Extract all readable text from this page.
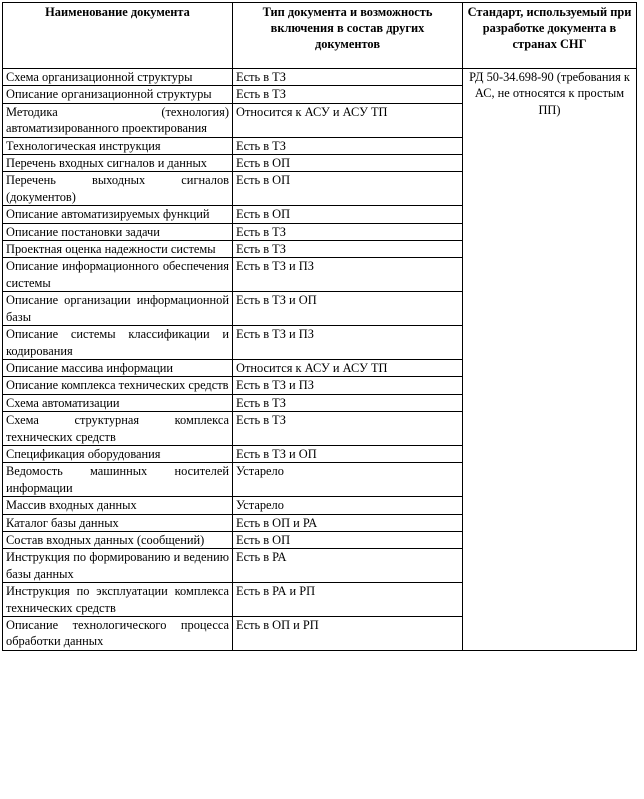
Наименование документа	Тип документа и возможность включения в состав других документов	Стандарт, используемый при разработке документа в странах СНГ
Схема организационной структуры	Есть в ТЗ	РД 50-34.698-90 (требования к АС, не относятся к простым ПП)
Описание организационной структуры	Есть в ТЗ	
Методика (технология) автоматизированного проектирования	Относится к АСУ и АСУ ТП	
Технологическая инструкция	Есть в ТЗ	
Перечень входных сигналов и данных	Есть в ОП	
Перечень выходных сигналов (документов)	Есть в ОП	
Описание автоматизируемых функций	Есть в ОП	
Описание постановки задачи	Есть в ТЗ	
Проектная оценка надежности системы	Есть в ТЗ	
Описание информационного обеспечения системы	Есть в ТЗ и ПЗ	
Описание организации информационной базы	Есть в ТЗ и ОП	
Описание системы классификации и кодирования	Есть в ТЗ и ПЗ	
Описание массива информации	Относится к АСУ и АСУ ТП	
Описание комплекса технических средств	Есть в ТЗ и ПЗ	
Схема автоматизации	Есть в ТЗ	
Схема структурная комплекса технических средств	Есть в ТЗ	
Спецификация оборудования	Есть в ТЗ и ОП	
Ведомость машинных носителей информации	Устарело	
Массив входных данных	Устарело	
Каталог базы данных	Есть в ОП и РА	
Состав входных данных (сообщений)	Есть в ОП	
Инструкция по формированию и ведению базы данных	Есть в РА	
Инструкция по эксплуатации комплекса технических средств	Есть в РА и РП	
Описание технологического процесса обработки данных	Есть в ОП и РП	
